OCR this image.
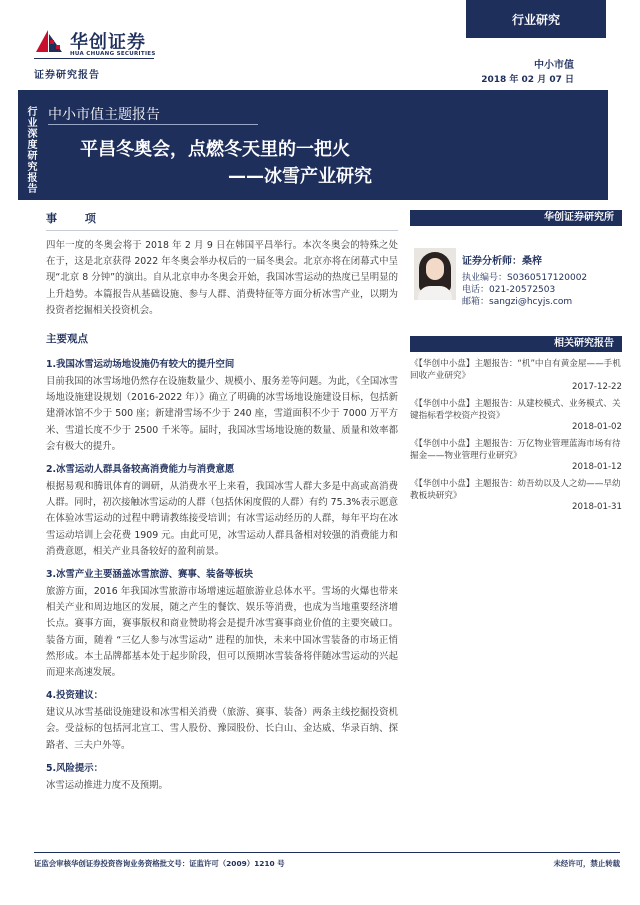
华创证券
HUA CHUANG SECURITIES
证券研究报告
行业研究
中小市值
2018 年 02 月 07 日
行业深度研究报告 中小市值主题报告
平昌冬奥会，点燃冬天里的一把火
——冰雪产业研究
事 项
四年一度的冬奥会将于 2018 年 2 月 9 日在韩国平昌举行。本次冬奥会的特殊之处在于，这是北京获得 2022 年冬奥会举办权后的一届冬奥会。北京亦将在闭幕式中呈现“北京 8 分钟”的演出。自从北京申办冬奥会开始，我国冰雪运动的热度已呈明显的上升趋势。本篇报告从基础设施、参与人群、消费特征等方面分析冰雪产业，以期为投资者挖掘相关投资机会。
主要观点
1.我国冰雪运动场地设施仍有较大的提升空间
目前我国的冰雪场地仍然存在设施数量少、规模小、服务差等问题。为此，《全国冰雪场地设施建设规划（2016-2022 年）》确立了明确的冰雪场地设施建设目标，包括新建滑冰馆不少于 500 座；新建滑雪场不少于 240 座，雪道面积不少于 7000 万平方米、雪道长度不少于 2500 千米等。届时，我国冰雪场地设施的数量、质量和效率都会有极大的提升。
2.冰雪运动人群具备较高消费能力与消费意愿
根据易观和腾讯体育的调研，从消费水平上来看，我国冰雪人群大多是中高或高消费人群。同时，初次接触冰雪运动的人群（包括休闲度假的人群）有约 75.3%表示愿意在体验冰雪运动的过程中聘请教练接受培训；有冰雪运动经历的人群，每年平均在冰雪运动培训上会花费 1909 元。由此可见，冰雪运动人群具备相对较强的消费能力和消费意愿，相关产业具备较好的盈利前景。
3.冰雪产业主要涵盖冰雪旅游、赛事、装备等板块
旅游方面，2016 年我国冰雪旅游市场增速远超旅游业总体水平。雪场的火爆也带来相关产业和周边地区的发展，随之产生的餐饮、娱乐等消费，也成为当地重要经济增长点。赛事方面，赛事版权和商业赞助将会是提升冰雪赛事商业价值的主要突破口。装备方面，随着 “三亿人参与冰雪运动” 进程的加快，未来中国冰雪装备的市场正悄然形成。本土品牌都基本处于起步阶段，但可以预期冰雪装备将伴随冰雪运动的兴起而迎来高速发展。
4.投资建议：
建议从冰雪基础设施建设和冰雪相关消费（旅游、赛事、装备）两条主线挖掘投资机会。受益标的包括河北宣工、雪人股份、豫园股份、长白山、金达威、华录百纳、探路者、三夫户外等。
5.风险提示：
冰雪运动推进力度不及预期。
华创证券研究所
证券分析师：桑梓
执业编号：S0360517120002
电话：021-20572503
邮箱：sangzi@hcyjs.com
相关研究报告
《【华创中小盘】主题报告：“机”中自有黄金屋——手机回收产业研究》
2017-12-22
《【华创中小盘】主题报告：从建校模式、业务模式、关键指标看学校资产投资》
2018-01-02
《【华创中小盘】主题报告：万亿物业管理蓝海市场有待掘金——物业管理行业研究》
2018-01-12
《【华创中小盘】主题报告：幼吾幼以及人之幼——早幼教板块研究》
2018-01-31
证监会审核华创证券投资咨询业务资格批文号：证监许可（2009）1210 号	未经许可，禁止转载
